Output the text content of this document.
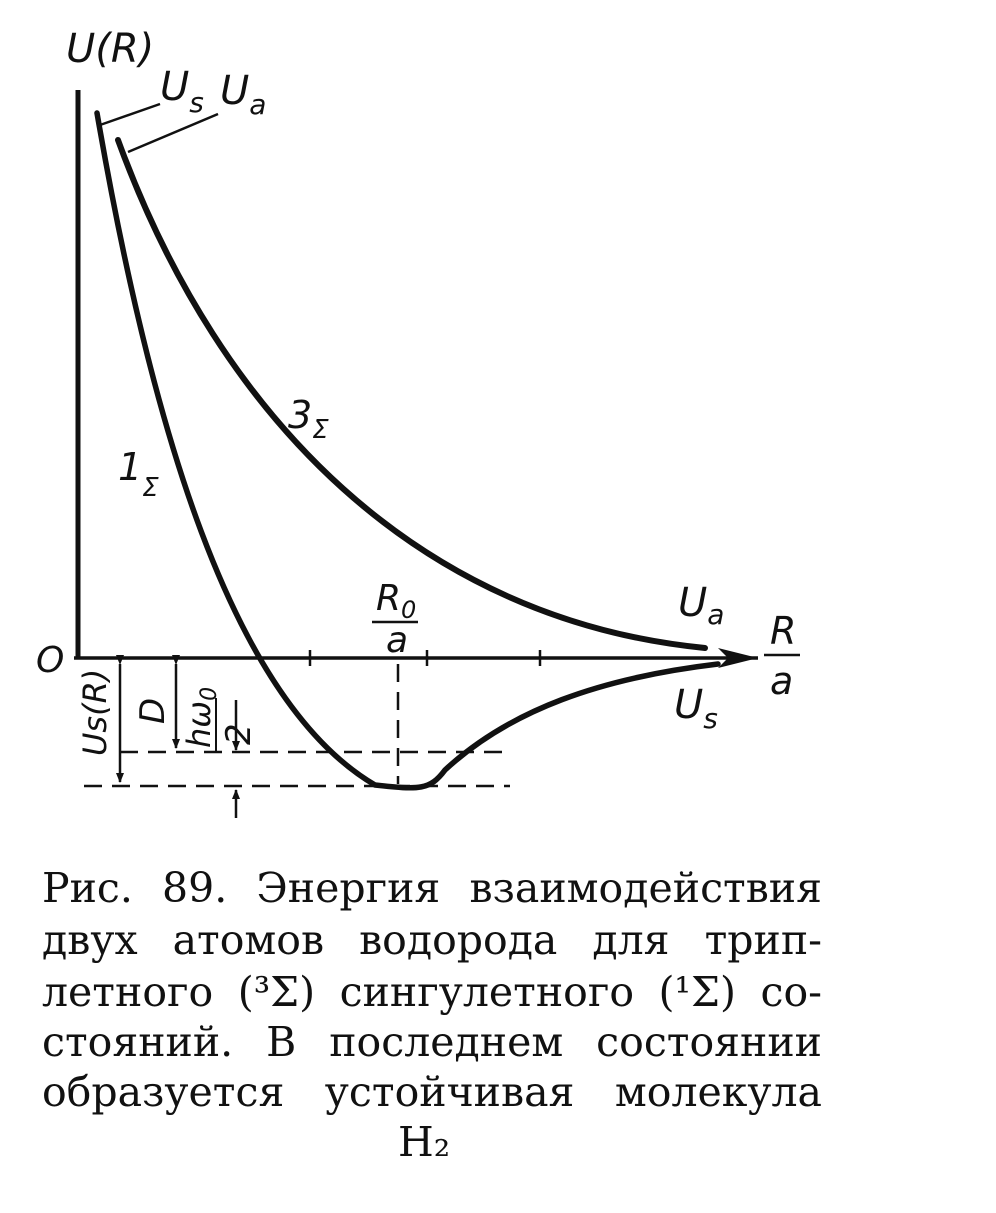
U(R)
O
R
a
$R_0$
a
$U_s$ $U_a$
$3_\Sigma$
$1_\Sigma$
$U_a$
$U_s$
Us(R) D hω0
2
Рис. 89. Энергия взаимодействия
двух атомов водорода для трип-
летного (³Σ) сингулетного (¹Σ) со-
стояний. В последнем состоянии
образуется устойчивая молекула
H₂
